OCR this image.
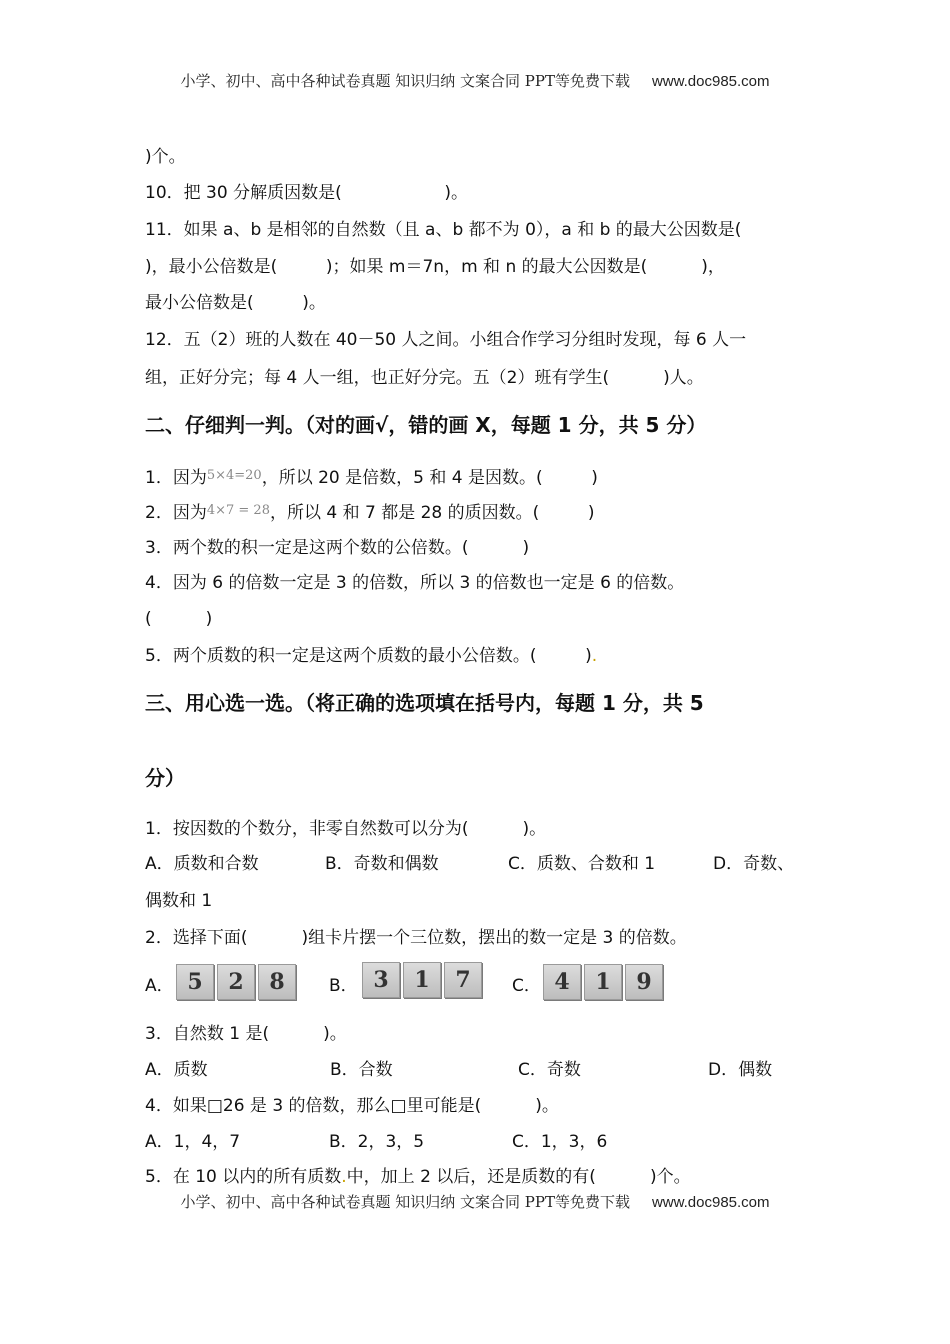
小学、初中、高中各种试卷真题 知识归纳 文案合同 PPT等免费下载 www.doc985.com
)个。
10．把 30 分解质因数是(                   )。
11．如果 a、b 是相邻的自然数（且 a、b 都不为 0），a 和 b 的最大公因数是(
)，最小公倍数是(         )；如果 m＝7n，m 和 n 的最大公因数是(          )，
最小公倍数是(         )。
12．五（2）班的人数在 40－50 人之间。小组合作学习分组时发现，每 6 人一
组，正好分完；每 4 人一组，也正好分完。五（2）班有学生(          )人。
二、仔细判一判。（对的画√，错的画 X，每题 1 分，共 5 分）
1．因为$^{5\times 4=20}$，所以 20 是倍数，5 和 4 是因数。(         )
2．因为$^{4\times 7 = 28}$，所以 4 和 7 都是 28 的质因数。(         )
3．两个数的积一定是这两个数的公倍数。(          )
4．因为 6 的倍数一定是 3 的倍数，所以 3 的倍数也一定是 6 的倍数。
(          )
5．两个质数的积一定是这两个质数的最小公倍数。(         ).
三、用心选一选。（将正确的选项填在括号内，每题 1 分，共 5
分）
1．按因数的个数分，非零自然数可以分为(          )。
A．质数和合数	B．奇数和偶数	C．质数、合数和 1	D．奇数、
偶数和 1
2．选择下面(          )组卡片摆一个三位数，摆出的数一定是 3 的倍数。
A． 5	2	8	B． 3	1	7	C． 4	1	9
3．自然数 1 是(          )。
A．质数	B．合数	C．奇数	D．偶数
4．如果□26 是 3 的倍数，那么□里可能是(          )。
A．1，4，7	B．2，3，5	C．1，3，6
5．在 10 以内的所有质数.中，加上 2 以后，还是质数的有(          )个。
小学、初中、高中各种试卷真题 知识归纳 文案合同 PPT等免费下载 www.doc985.com
